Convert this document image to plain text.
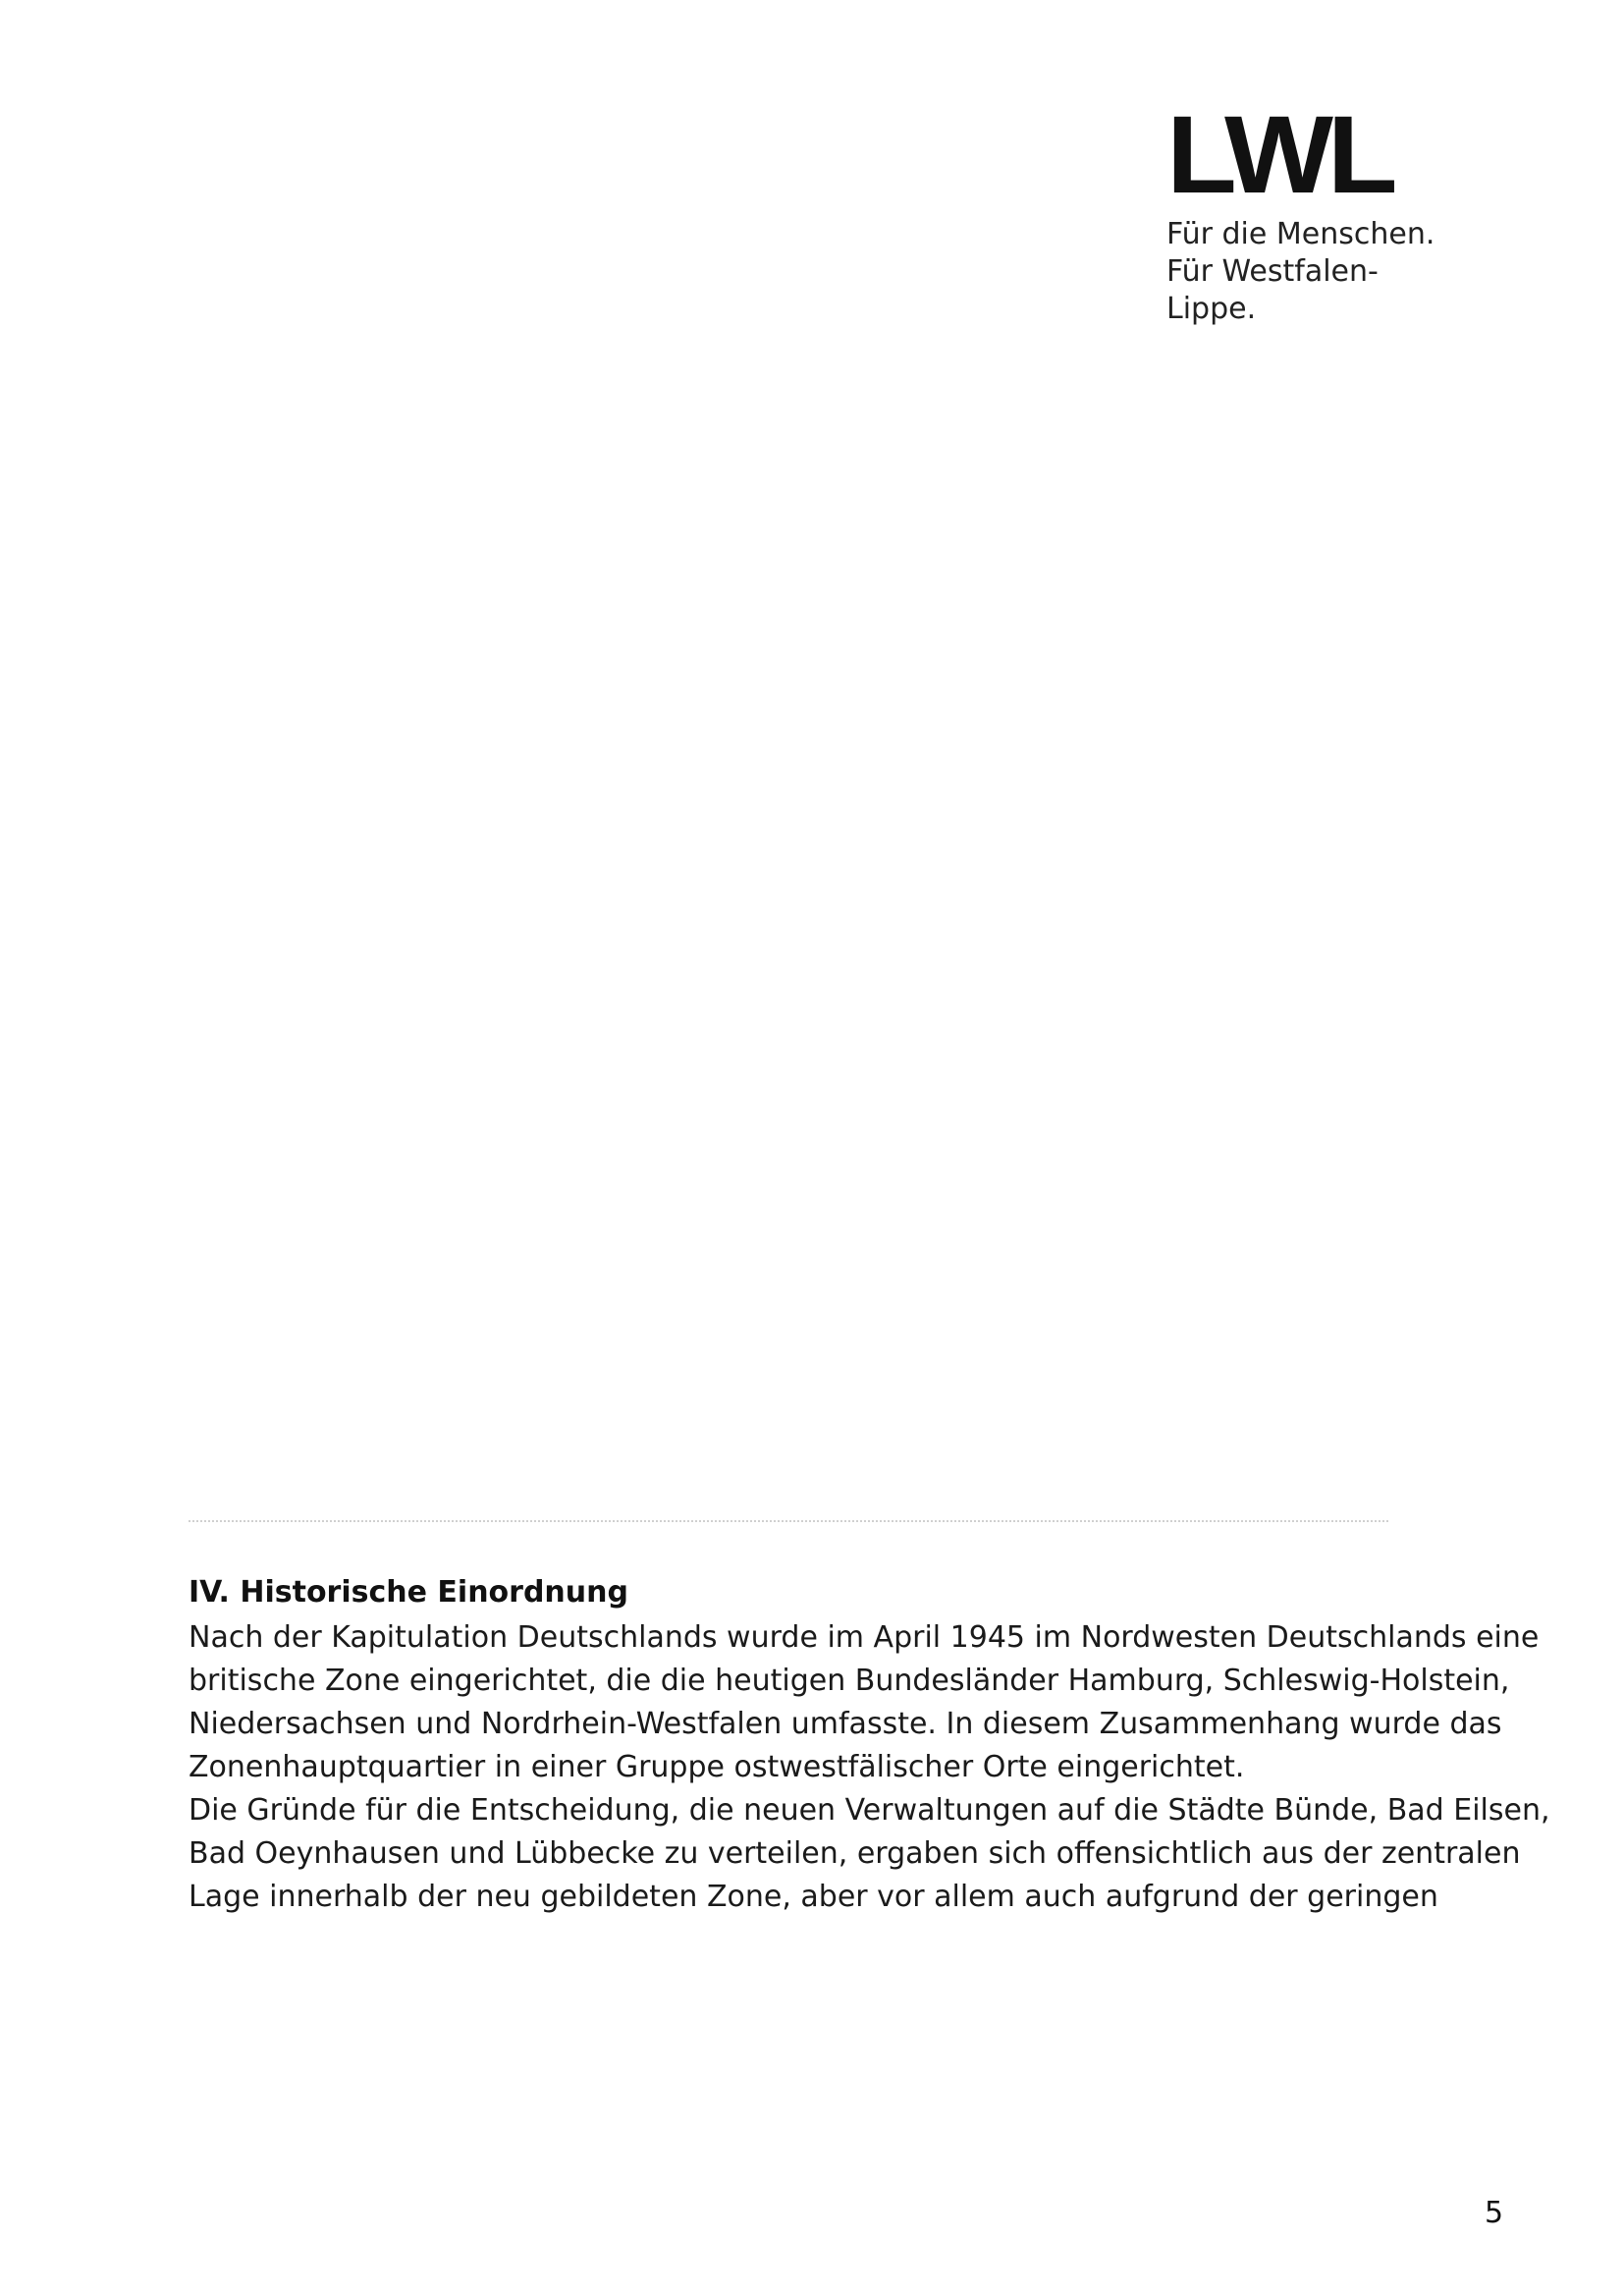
LWL
Für die Menschen.
Für Westfalen-Lippe.
IV. Historische Einordnung

Nach der Kapitulation Deutschlands wurde im April 1945 im Nordwesten Deutschlands eine
britische Zone eingerichtet, die die heutigen Bundesländer Hamburg, Schleswig-Holstein,
Niedersachsen und Nordrhein-Westfalen umfasste. In diesem Zusammenhang wurde das
Zonenhauptquartier in einer Gruppe ostwestfälischer Orte eingerichtet.
Die Gründe für die Entscheidung, die neuen Verwaltungen auf die Städte Bünde, Bad Eilsen,
Bad Oeynhausen und Lübbecke zu verteilen, ergaben sich offensichtlich aus der zentralen
Lage innerhalb der neu gebildeten Zone, aber vor allem auch aufgrund der geringen

5
